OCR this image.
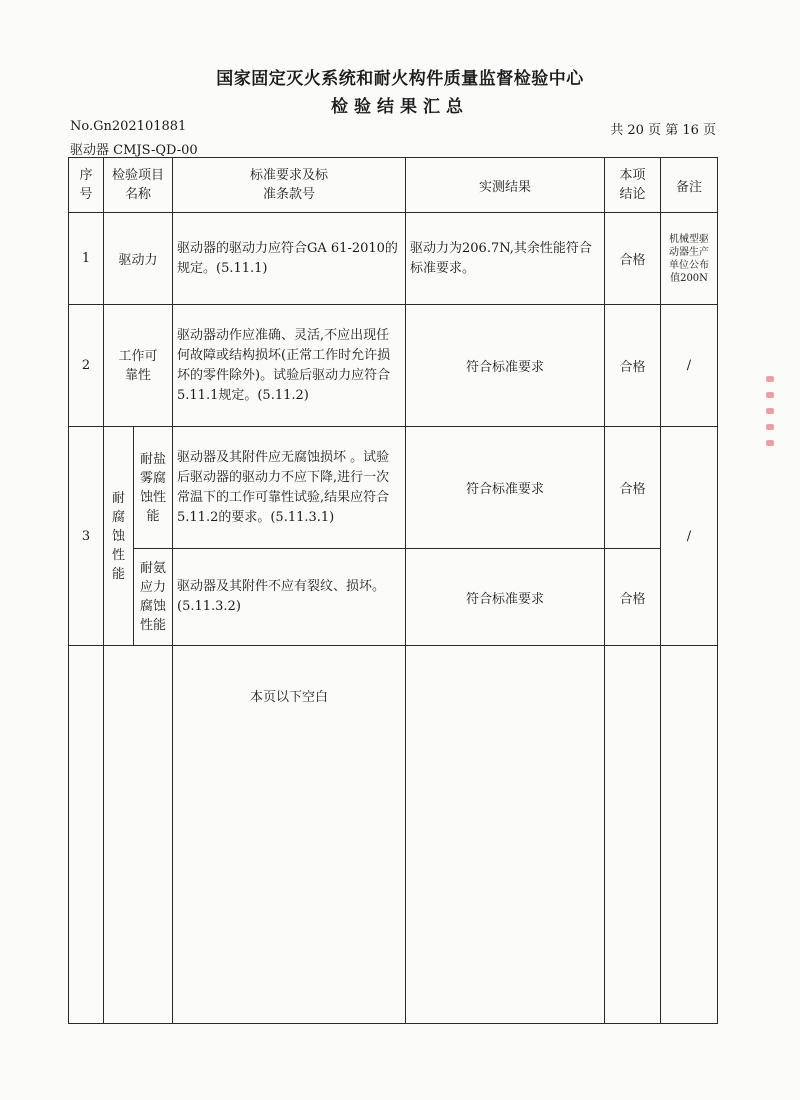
国家固定灭火系统和耐火构件质量监督检验中心
检验结果汇总
No.Gn202101881	共 20 页 第 16 页
驱动器 CMJS-QD-00
序号	检验项目名称		标准要求及标准条款号	实测结果	本项结论	备注
1	驱动力		驱动器的驱动力应符合GA 61-2010的规定。(5.11.1)	驱动力为206.7N,其余性能符合标准要求。	合格	机械型驱动器生产单位公布值200N

2	工作可靠性		驱动器动作应准确、灵活,不应出现任何故障或结构损坏(正常工作时允许损坏的零件除外)。试验后驱动力应符合5.11.1规定。(5.11.2)	符合标准要求	合格	/
3	耐腐蚀性能	耐盐雾腐蚀性能	驱动器及其附件应无腐蚀损坏 。试验后驱动器的驱动力不应下降,进行一次常温下的工作可靠性试验,结果应符合5.11.2的要求。(5.11.3.1)	符合标准要求	合格	/

		耐氨应力腐蚀性能	驱动器及其附件不应有裂纹、损坏。(5.11.3.2)	符合标准要求	合格	
			本页以下空白			
